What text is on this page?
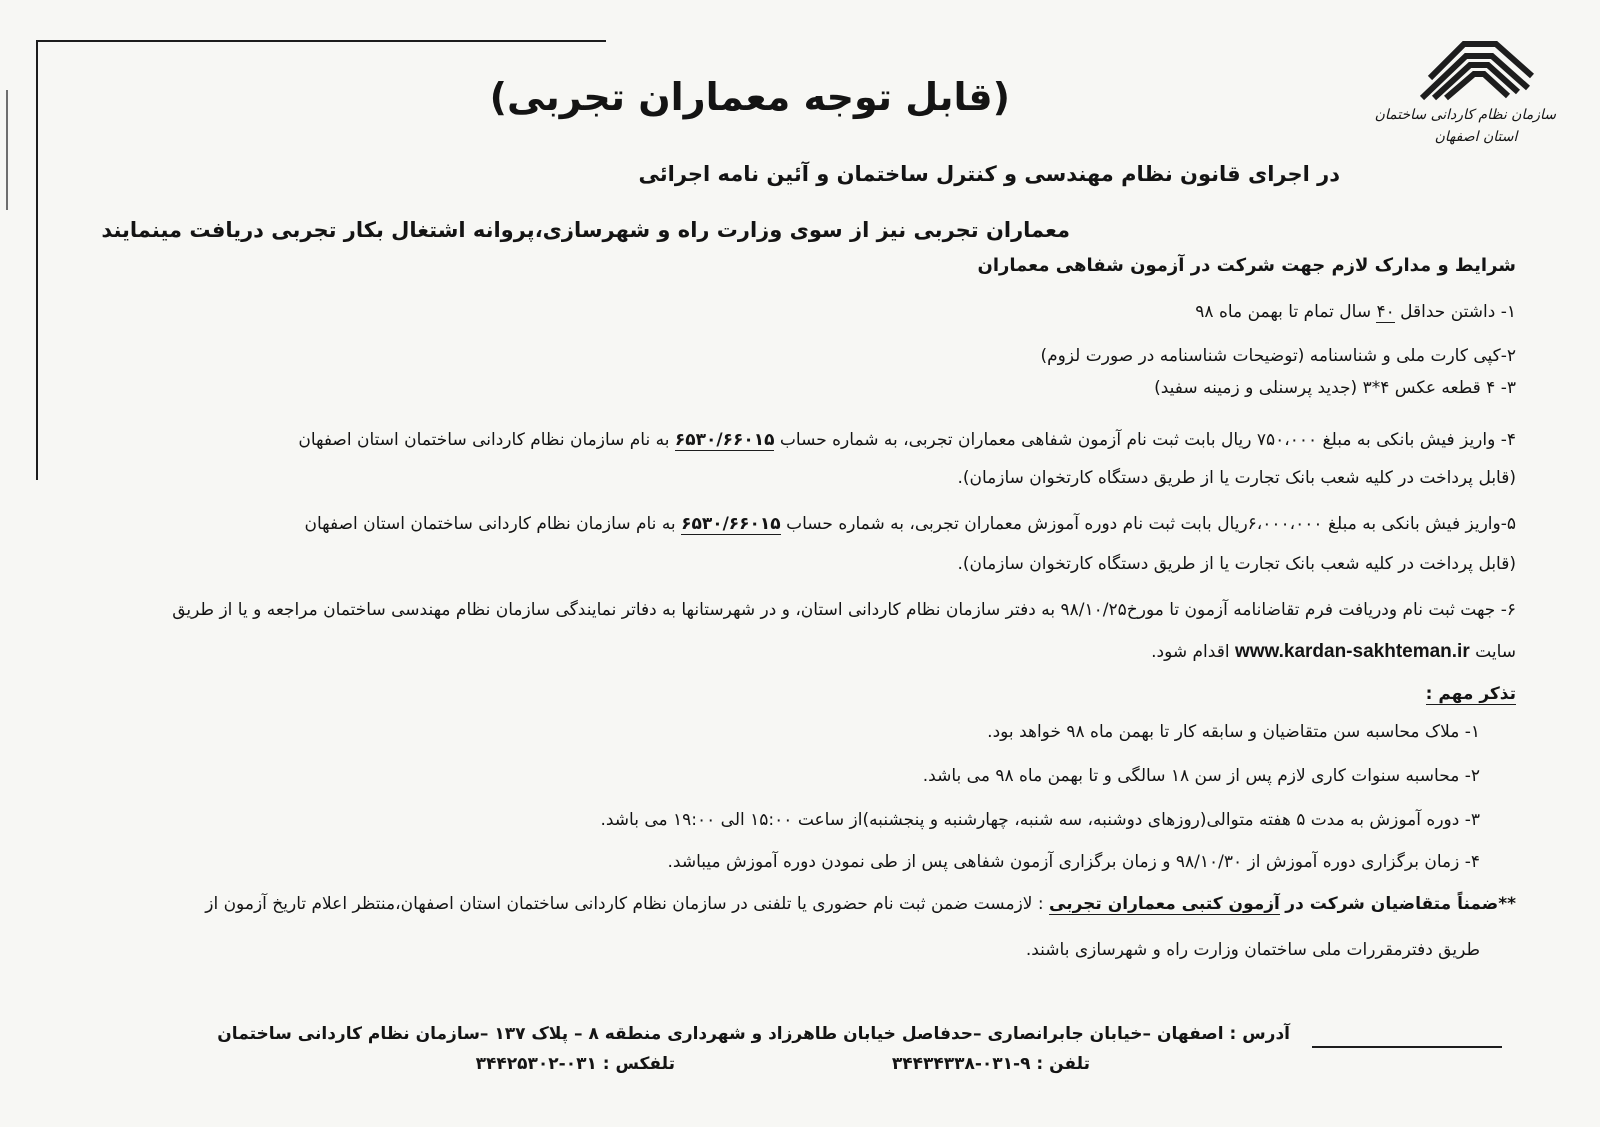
سازمان نظام کاردانی ساختمان
استان اصفهان
(قابل توجه معماران تجربی)
در اجرای قانون نظام مهندسی و کنترل ساختمان و آئین نامه اجرائی
معماران تجربی نیز از سوی وزارت راه و شهرسازی،پروانه اشتغال بکار تجربی دریافت مینمایند
شرایط و مدارک لازم جهت شرکت در آزمون شفاهی معماران
۱- داشتن حداقل ۴۰ سال تمام تا بهمن ماه ۹۸
۲-کپی کارت ملی و شناسنامه (توضیحات شناسنامه در صورت لزوم)
۳- ۴ قطعه عکس ۴*۳ (جدید پرسنلی و زمینه سفید)
۴- واریز فیش بانکی به مبلغ ۷۵۰،۰۰۰ ریال بابت ثبت نام آزمون شفاهی معماران تجربی، به شماره حساب ۶۵۳۰/۶۶۰۱۵ به نام سازمان نظام کاردانی ساختمان استان اصفهان
(قابل پرداخت در کلیه شعب بانک تجارت یا از طریق دستگاه کارتخوان سازمان).
۵-واریز فیش بانکی به مبلغ ۶،۰۰۰،۰۰۰ریال بابت ثبت نام دوره آموزش معماران تجربی، به شماره حساب ۶۵۳۰/۶۶۰۱۵ به نام سازمان نظام کاردانی ساختمان استان اصفهان
(قابل پرداخت در کلیه شعب بانک تجارت یا از طریق دستگاه کارتخوان سازمان).
۶- جهت ثبت نام ودریافت فرم تقاضانامه آزمون تا مورخ۹۸/۱۰/۲۵ به دفتر سازمان نظام کاردانی استان، و در شهرستانها به دفاتر نمایندگی سازمان نظام مهندسی ساختمان مراجعه و یا از طریق
سایت www.kardan-sakhteman.ir اقدام شود.
تذکر مهم :
۱- ملاک محاسبه سن متقاضیان و سابقه کار تا بهمن ماه ۹۸ خواهد بود.
۲- محاسبه سنوات کاری لازم پس از سن ۱۸ سالگی و تا بهمن ماه ۹۸ می باشد.
۳- دوره آموزش به مدت ۵ هفته متوالی(روزهای دوشنبه، سه شنبه، چهارشنبه و پنجشنبه)از ساعت ۱۵:۰۰ الی ۱۹:۰۰ می باشد.
۴- زمان برگزاری دوره آموزش از ۹۸/۱۰/۳۰ و زمان برگزاری آزمون شفاهی پس از طی نمودن دوره آموزش میباشد.
**ضمناً متقاضیان شرکت در آزمون کتبی معماران تجربی : لازمست ضمن ثبت نام حضوری یا تلفنی در سازمان نظام کاردانی ساختمان استان اصفهان،منتظر اعلام تاریخ آزمون از
طریق دفترمقررات ملی ساختمان وزارت راه و شهرسازی باشند.
آدرس : اصفهان –خیابان جابرانصاری –حدفاصل خیابان طاهرزاد و شهرداری منطقه ۸ – پلاک ۱۳۷ –سازمان نظام کاردانی ساختمان
تلفن : ۹-۰۳۱-۳۴۴۳۴۳۳۸
تلفکس : ۰۳۱-۳۴۴۲۵۳۰۲
